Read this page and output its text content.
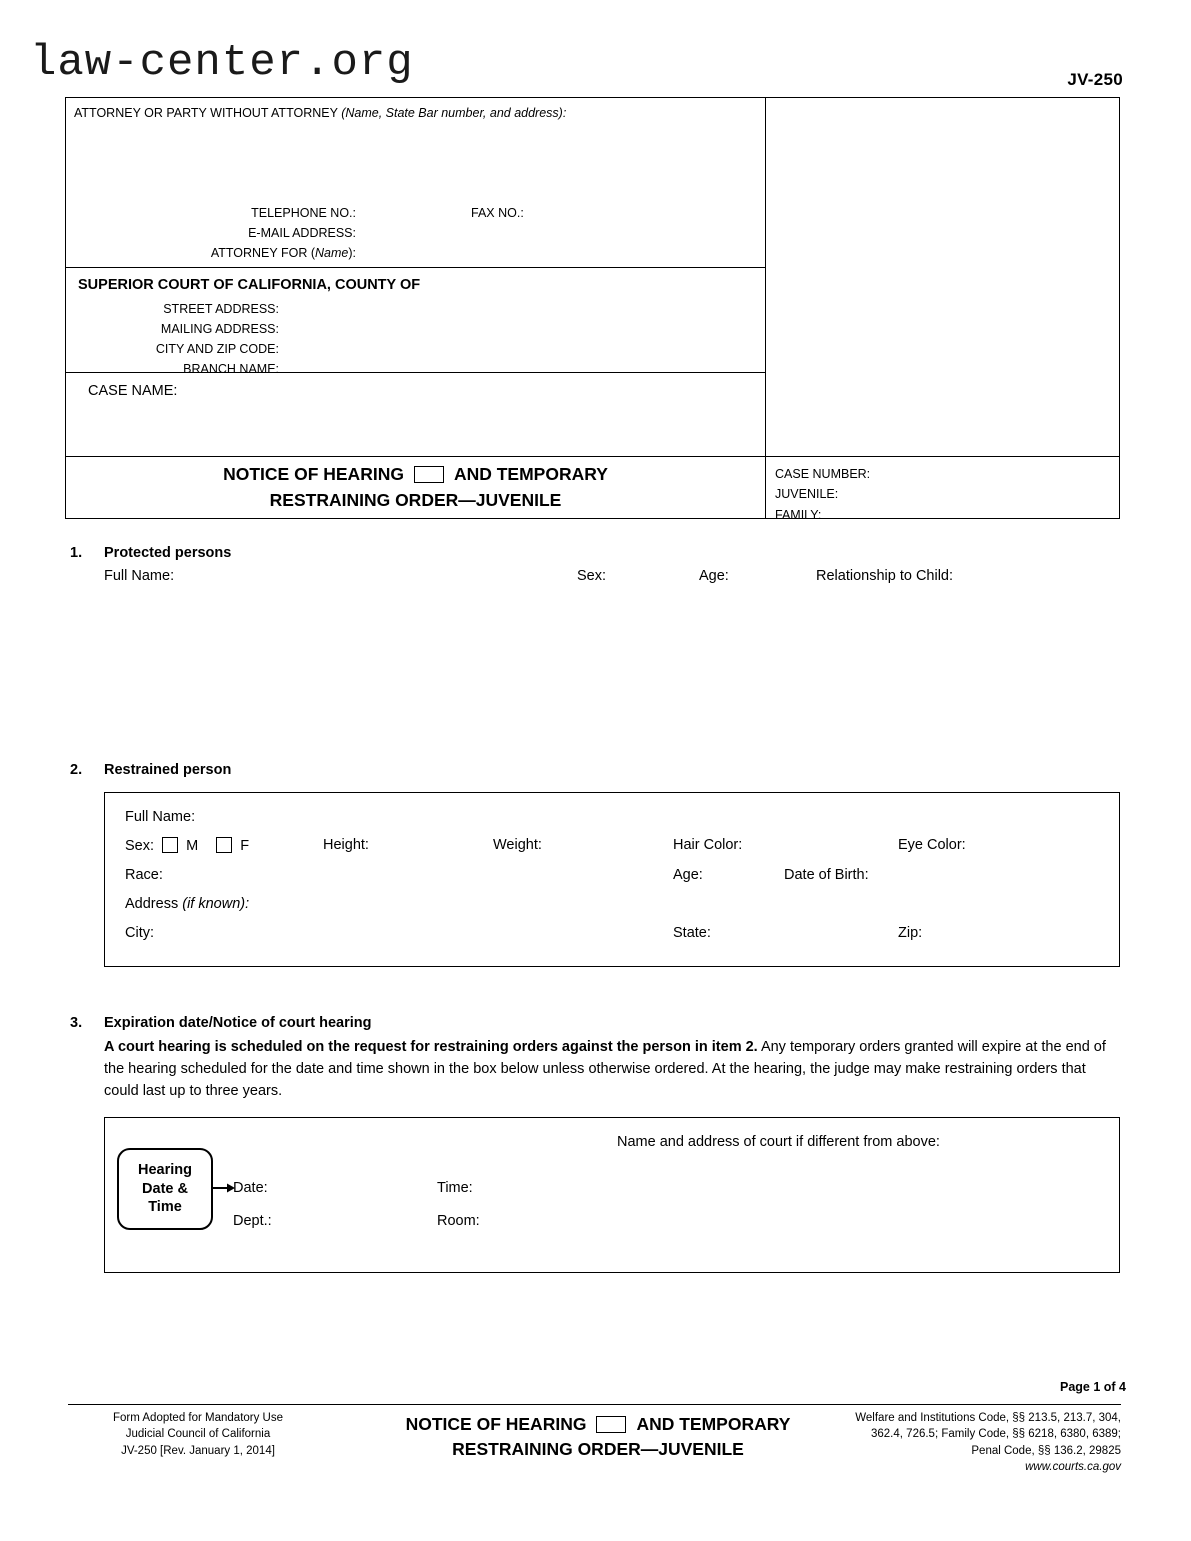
law-center.org	JV-250
ATTORNEY OR PARTY WITHOUT ATTORNEY (Name, State Bar number, and address):
TELEPHONE NO.:	FAX NO.:
E-MAIL ADDRESS:
ATTORNEY FOR (Name):
SUPERIOR COURT OF CALIFORNIA, COUNTY OF
STREET ADDRESS:
MAILING ADDRESS:
CITY AND ZIP CODE:
BRANCH NAME:
CASE NAME:
NOTICE OF HEARING	AND TEMPORARY
RESTRAINING ORDER—JUVENILE
CASE NUMBER:
JUVENILE:
FAMILY:
1. Protected persons
Full Name:	Sex:	Age:	Relationship to Child:
2. Restrained person
Full Name:
Sex: M	F	Height:	Weight:	Hair Color:	Eye Color:
Race:	Age:	Date of Birth:
Address (if known):
City:	State:	Zip:
3. Expiration date/Notice of court hearing
A court hearing is scheduled on the request for restraining orders against the person in item 2. Any temporary orders granted will expire at the end of the hearing scheduled for the date and time shown in the box below unless otherwise ordered. At the hearing, the judge may make restraining orders that could last up to three years.
Name and address of court if different from above:
Hearing
Date &
Time
Date:	Time:
Dept.:	Room:
Page 1 of 4
Form Adopted for Mandatory Use
Judicial Council of California
JV-250 [Rev. January 1, 2014]
NOTICE OF HEARING	AND TEMPORARY
RESTRAINING ORDER—JUVENILE
Welfare and Institutions Code, §§ 213.5, 213.7, 304,
362.4, 726.5; Family Code, §§ 6218, 6380, 6389;
Penal Code, §§ 136.2, 29825
www.courts.ca.gov
